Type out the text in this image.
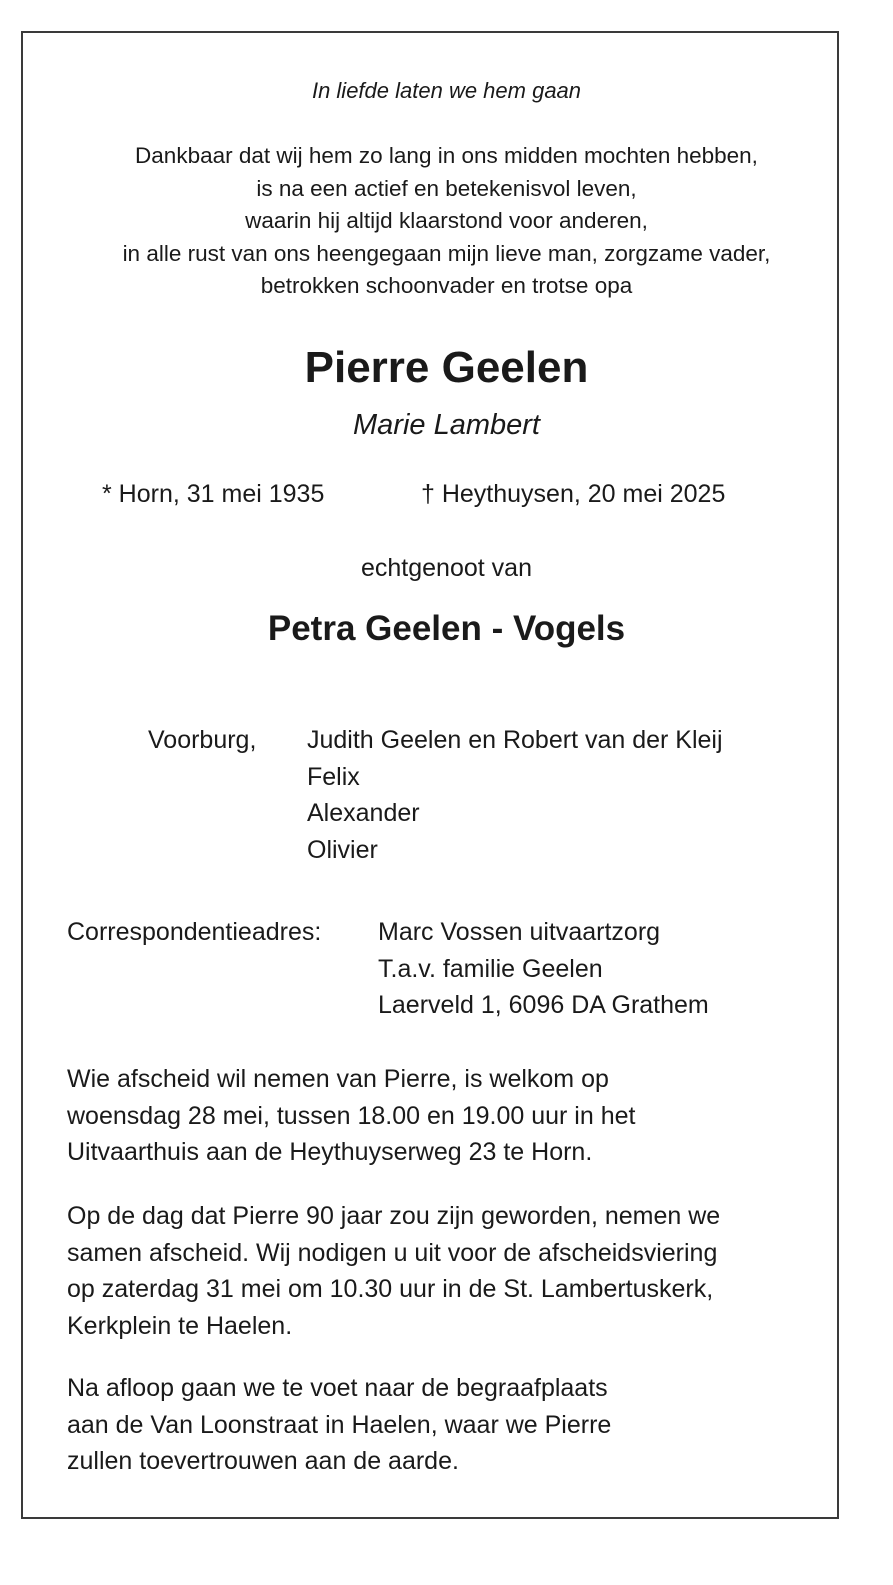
In liefde laten we hem gaan
Dankbaar dat wij hem zo lang in ons midden mochten hebben,
is na een actief en betekenisvol leven,
waarin hij altijd klaarstond voor anderen,
in alle rust van ons heengegaan mijn lieve man, zorgzame vader,
betrokken schoonvader en trotse opa
Pierre Geelen
Marie Lambert
* Horn, 31 mei 1935	† Heythuysen, 20 mei 2025
echtgenoot van
Petra Geelen - Vogels
Voorburg, Judith Geelen en Robert van der Kleij
Felix
Alexander
Olivier
Correspondentieadres: Marc Vossen uitvaartzorg
T.a.v. familie Geelen
Laerveld 1, 6096 DA Grathem
Wie afscheid wil nemen van Pierre, is welkom op
woensdag 28 mei, tussen 18.00 en 19.00 uur in het
Uitvaarthuis aan de Heythuyserweg 23 te Horn.
Op de dag dat Pierre 90 jaar zou zijn geworden, nemen we
samen afscheid. Wij nodigen u uit voor de afscheidsviering
op zaterdag 31 mei om 10.30 uur in de St. Lambertuskerk,
Kerkplein te Haelen.
Na afloop gaan we te voet naar de begraafplaats
aan de Van Loonstraat in Haelen, waar we Pierre
zullen toevertrouwen aan de aarde.
